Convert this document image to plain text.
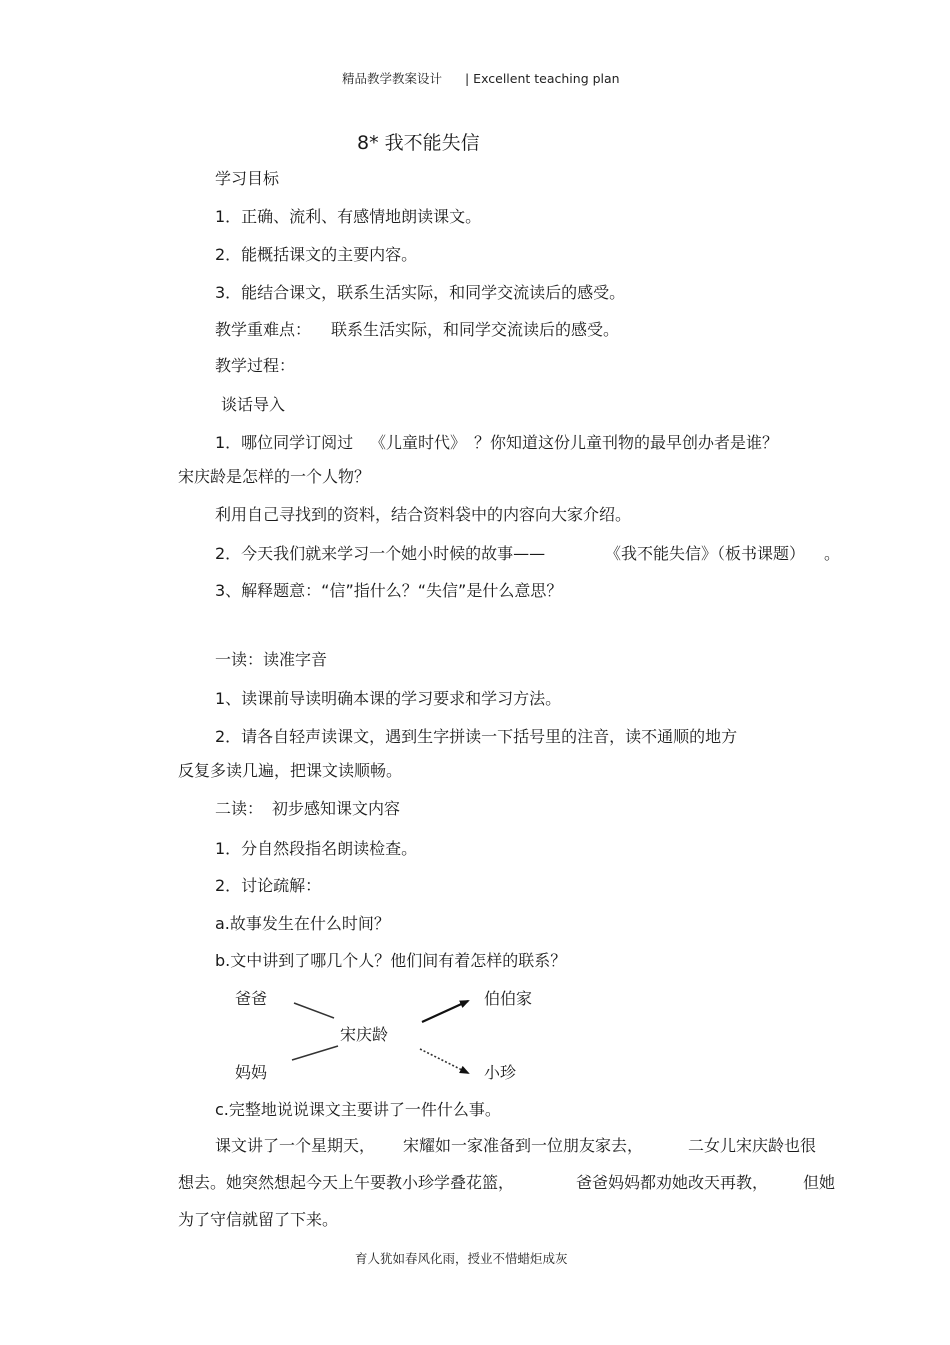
精品教学教案设计 | Excellent teaching plan
8* 我不能失信
学习目标
1．正确、流利、有感情地朗读课文。
2．能概括课文的主要内容。
3．能结合课文，联系生活实际，和同学交流读后的感受。
教学重难点： 联系生活实际，和同学交流读后的感受。
教学过程：
谈话导入
1．哪位同学订阅过 《儿童时代》 ？你知道这份儿童刊物的最早创办者是谁？
宋庆龄是怎样的一个人物？
利用自己寻找到的资料，结合资料袋中的内容向大家介绍。
2．今天我们就来学习一个她小时候的故事——	《我不能失信》（板书课题） 。
3、解释题意：“信”指什么？“失信”是什么意思？
一读：读准字音
1、读课前导读明确本课的学习要求和学习方法。
2．请各自轻声读课文，遇到生字拼读一下括号里的注音，读不通顺的地方
反复多读几遍，把课文读顺畅。
二读： 初步感知课文内容
1．分自然段指名朗读检查。
2．讨论疏解：
a.故事发生在什么时间？
b.文中讲到了哪几个人？他们间有着怎样的联系？
爸爸	伯伯家
宋庆龄
妈妈	小珍
c.完整地说说课文主要讲了一件什么事。
课文讲了一个星期天， 宋耀如一家准备到一位朋友家去，	二女儿宋庆龄也很
想去。她突然想起今天上午要教小珍学叠花篮，	爸爸妈妈都劝她改天再教， 但她
为了守信就留了下来。
育人犹如春风化雨，授业不惜蜡炬成灰
